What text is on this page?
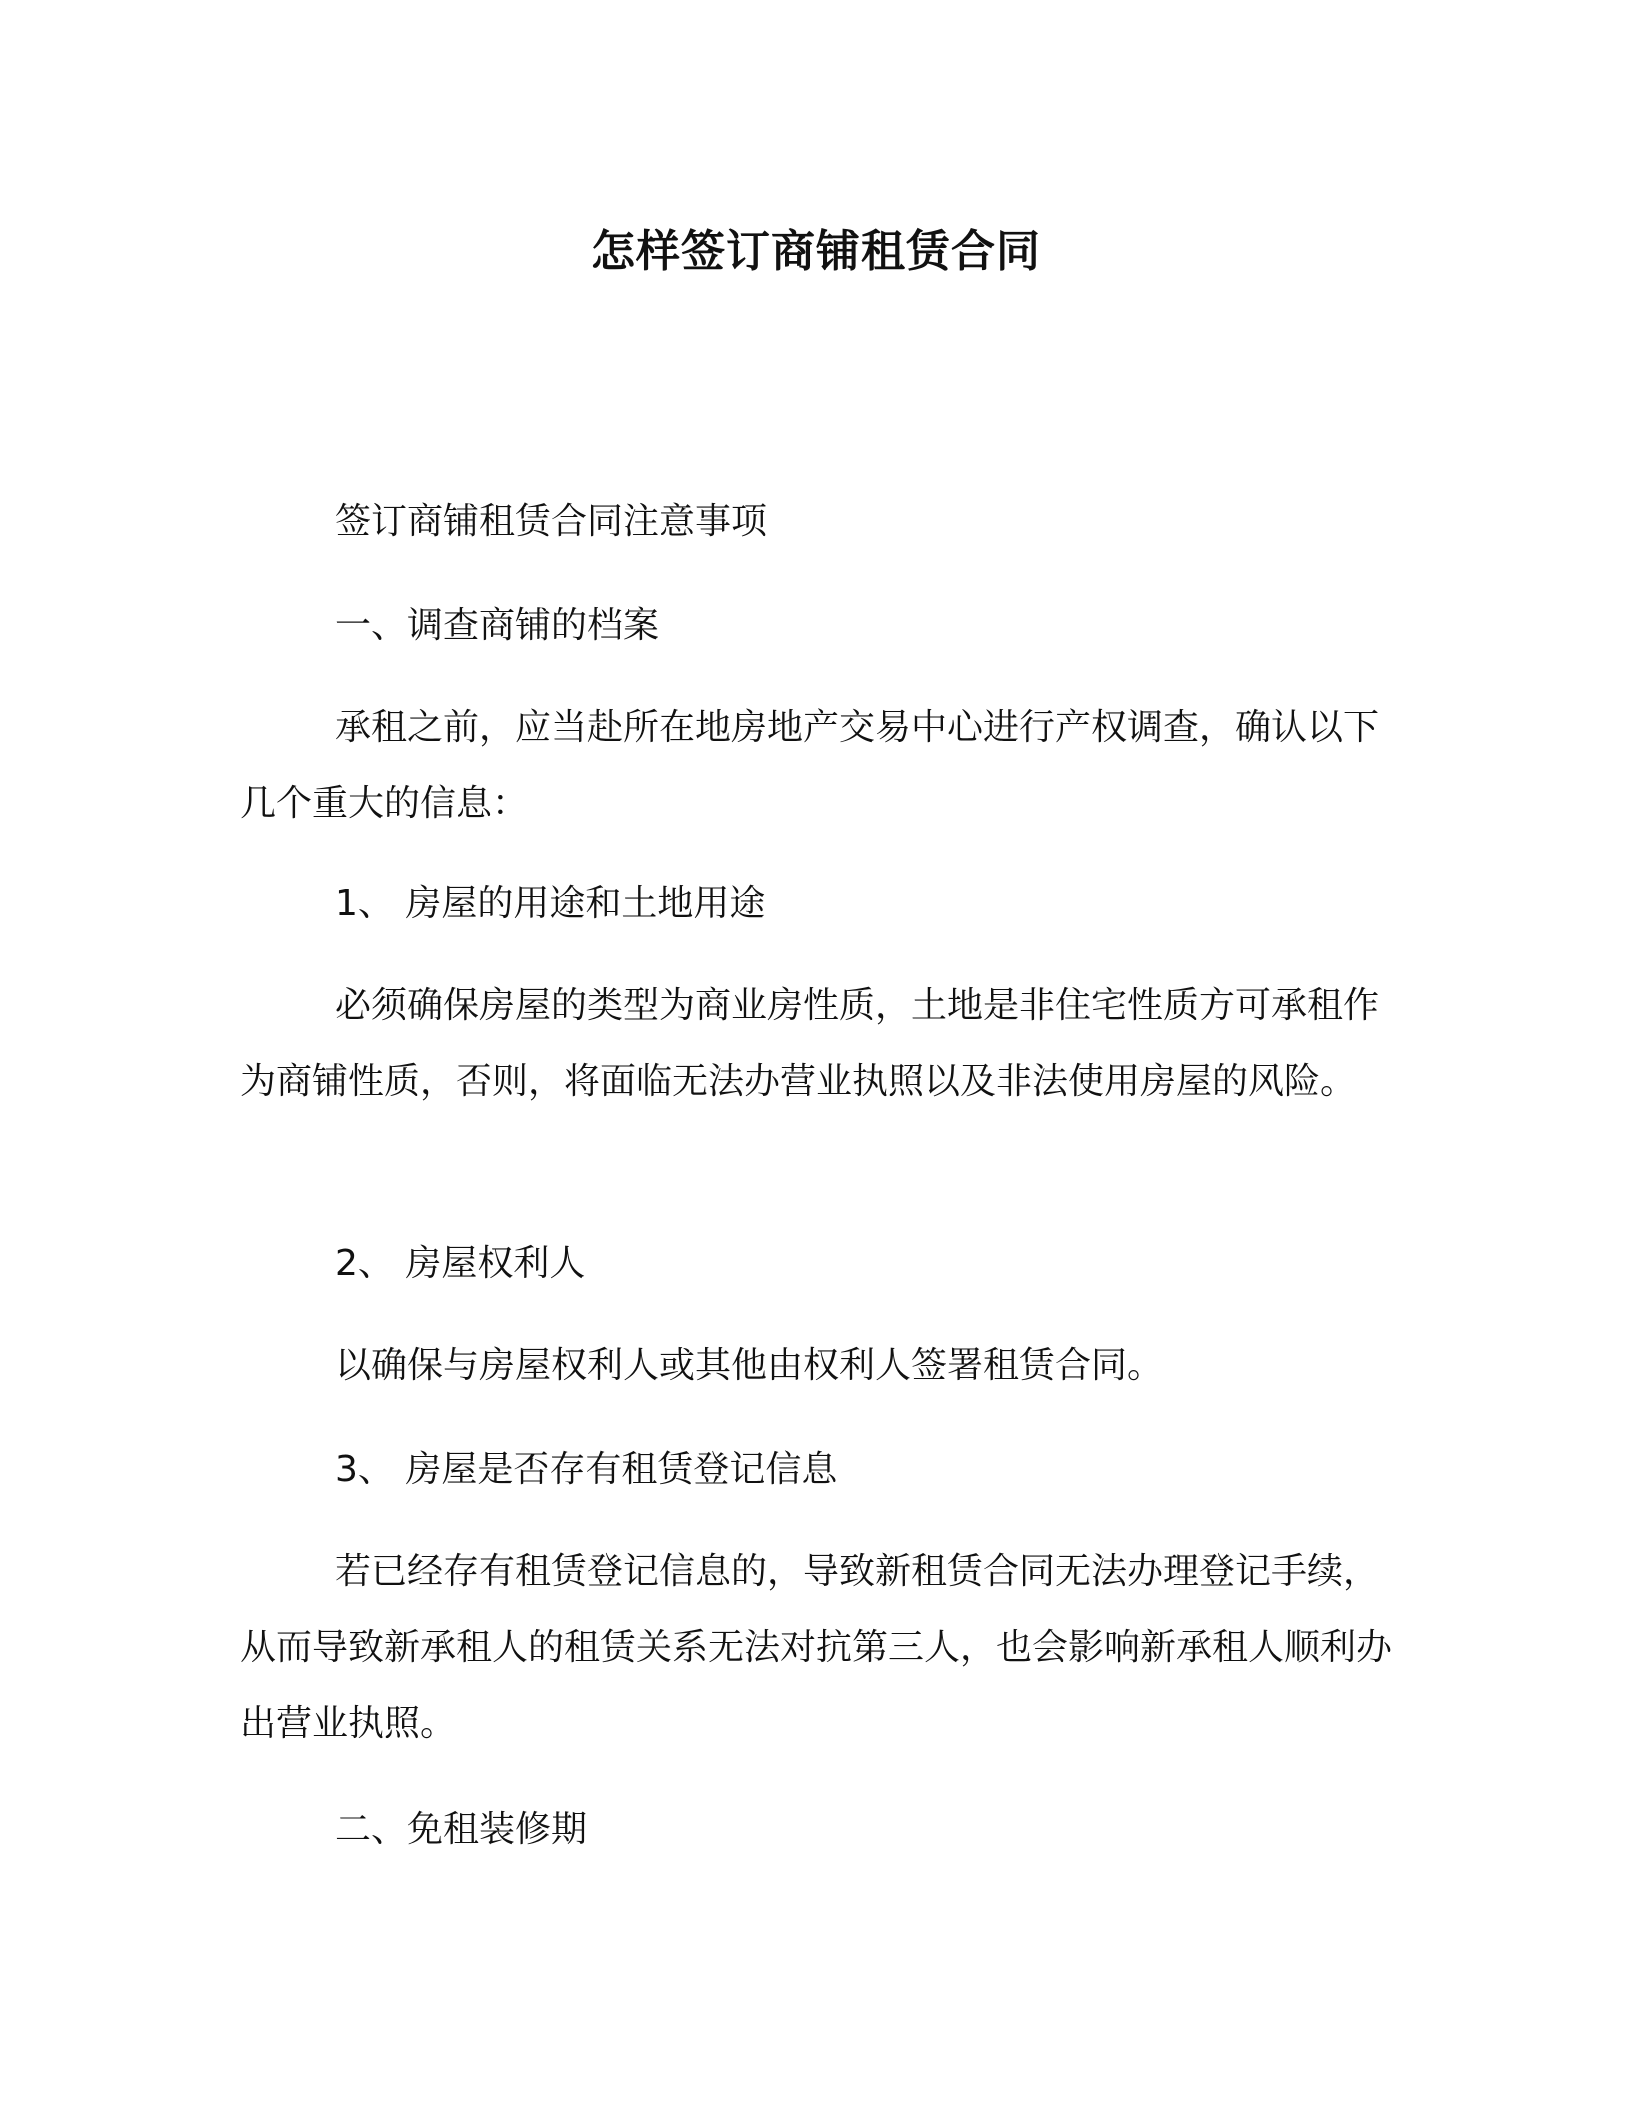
怎样签订商铺租赁合同

签订商铺租赁合同注意事项

一、调查商铺的档案

承租之前，应当赴所在地房地产交易中心进行产权调查，确认以下几个重大的信息：

1、 房屋的用途和土地用途

必须确保房屋的类型为商业房性质，土地是非住宅性质方可承租作为商铺性质，否则，将面临无法办营业执照以及非法使用房屋的风险。

2、 房屋权利人

以确保与房屋权利人或其他由权利人签署租赁合同。

3、 房屋是否存有租赁登记信息

若已经存有租赁登记信息的，导致新租赁合同无法办理登记手续，从而导致新承租人的租赁关系无法对抗第三人，也会影响新承租人顺利办出营业执照。

二、免租装修期
